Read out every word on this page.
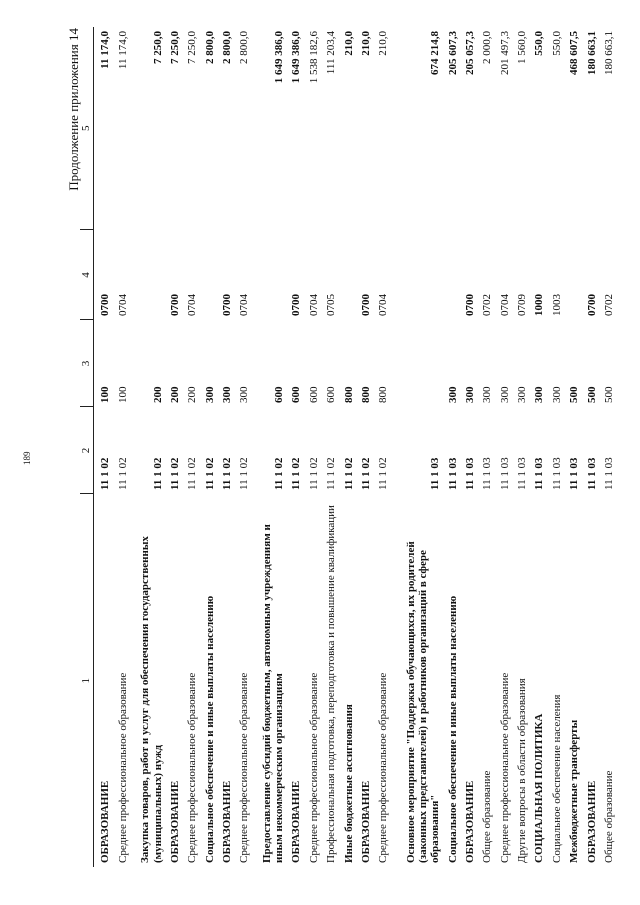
189
Продолжение приложения 14
1	2	3	4	5
ОБРАЗОВАНИЕ	11 1 02	100	0700	11 174,0
Среднее профессиональное образование	11 1 02	100	0704	11 174,0
Закупка товаров, работ и услуг для обеспечения государственных (муниципальных) нужд	11 1 02	200		7 250,0
ОБРАЗОВАНИЕ	11 1 02	200	0700	7 250,0
Среднее профессиональное образование	11 1 02	200	0704	7 250,0
Социальное обеспечение и иные выплаты населению	11 1 02	300		2 800,0
ОБРАЗОВАНИЕ	11 1 02	300	0700	2 800,0
Среднее профессиональное образование	11 1 02	300	0704	2 800,0
Предоставление субсидий бюджетным, автономным учреждениям и иным некоммерческим организациям	11 1 02	600		1 649 386,0
ОБРАЗОВАНИЕ	11 1 02	600	0700	1 649 386,0
Среднее профессиональное образование	11 1 02	600	0704	1 538 182,6
Профессиональная подготовка, переподготовка и повышение квалификации	11 1 02	600	0705	111 203,4
Иные бюджетные ассигнования	11 1 02	800		210,0
ОБРАЗОВАНИЕ	11 1 02	800	0700	210,0
Среднее профессиональное образование	11 1 02	800	0704	210,0
Основное мероприятие "Поддержка обучающихся, их родителей (законных представителей) и работников организаций в сфере образования"	11 1 03			674 214,8
Социальное обеспечение и иные выплаты населению	11 1 03	300		205 607,3
ОБРАЗОВАНИЕ	11 1 03	300	0700	205 057,3
Общее образование	11 1 03	300	0702	2 000,0
Среднее профессиональное образование	11 1 03	300	0704	201 497,3
Другие вопросы в области образования	11 1 03	300	0709	1 560,0
СОЦИАЛЬНАЯ ПОЛИТИКА	11 1 03	300	1000	550,0
Социальное обеспечение населения	11 1 03	300	1003	550,0
Межбюджетные трансферты	11 1 03	500		468 607,5
ОБРАЗОВАНИЕ	11 1 03	500	0700	180 663,1
Общее образование	11 1 03	500	0702	180 663,1
